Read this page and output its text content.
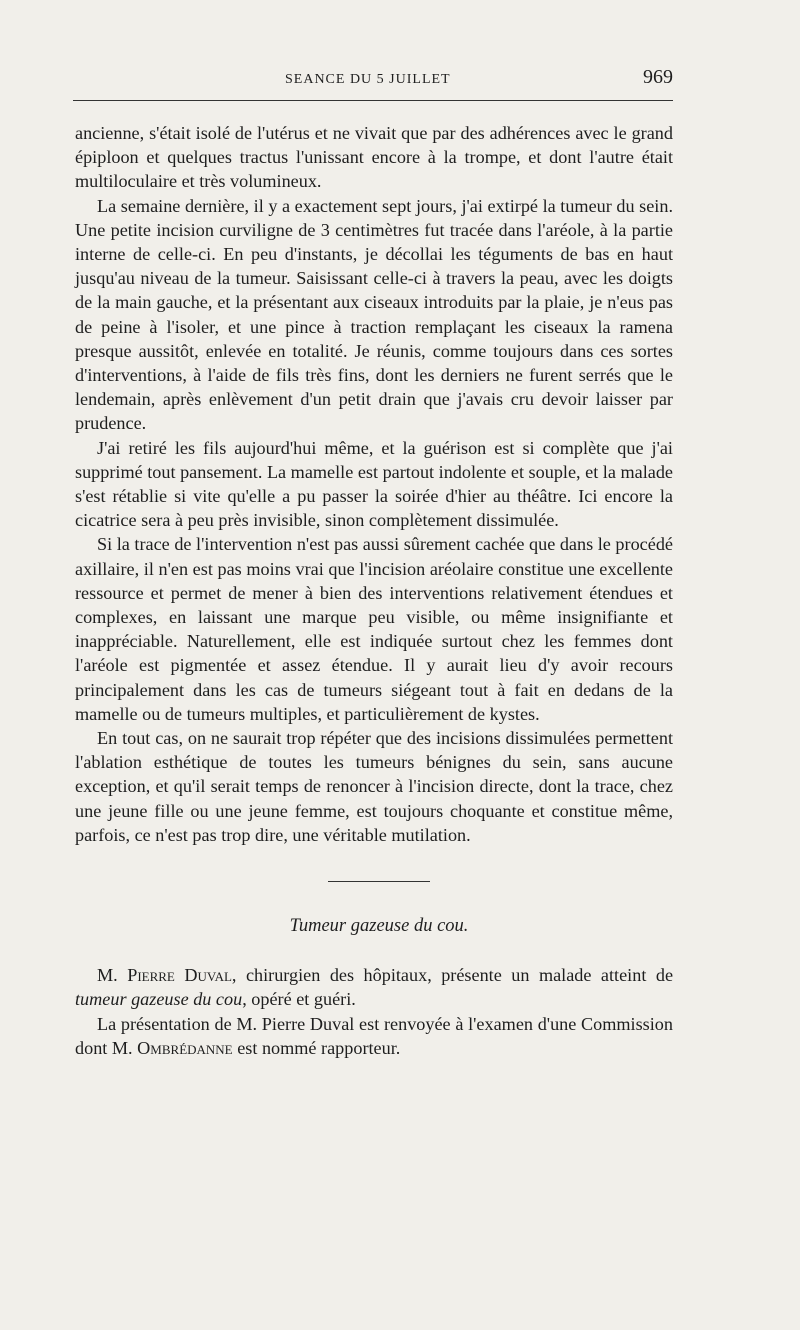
SEANCE DU 5 JUILLET	969

ancienne, s'était isolé de l'utérus et ne vivait que par des adhérences avec le grand épiploon et quelques tractus l'unissant encore à la trompe, et dont l'autre était multiloculaire et très volumineux.

La semaine dernière, il y a exactement sept jours, j'ai extirpé la tumeur du sein. Une petite incision curviligne de 3 centimètres fut tracée dans l'aréole, à la partie interne de celle-ci. En peu d'instants, je décollai les téguments de bas en haut jusqu'au niveau de la tumeur. Saisissant celle-ci à travers la peau, avec les doigts de la main gauche, et la présentant aux ciseaux introduits par la plaie, je n'eus pas de peine à l'isoler, et une pince à traction remplaçant les ciseaux la ramena presque aussitôt, enlevée en totalité. Je réunis, comme toujours dans ces sortes d'interventions, à l'aide de fils très fins, dont les derniers ne furent serrés que le lendemain, après enlèvement d'un petit drain que j'avais cru devoir laisser par prudence.

J'ai retiré les fils aujourd'hui même, et la guérison est si complète que j'ai supprimé tout pansement. La mamelle est partout indolente et souple, et la malade s'est rétablie si vite qu'elle a pu passer la soirée d'hier au théâtre. Ici encore la cicatrice sera à peu près invisible, sinon complètement dissimulée.

Si la trace de l'intervention n'est pas aussi sûrement cachée que dans le procédé axillaire, il n'en est pas moins vrai que l'incision aréolaire constitue une excellente ressource et permet de mener à bien des interventions relativement étendues et complexes, en laissant une marque peu visible, ou même insignifiante et inappréciable. Naturellement, elle est indiquée surtout chez les femmes dont l'aréole est pigmentée et assez étendue. Il y aurait lieu d'y avoir recours principalement dans les cas de tumeurs siégeant tout à fait en dedans de la mamelle ou de tumeurs multiples, et particulièrement de kystes.

En tout cas, on ne saurait trop répéter que des incisions dissimulées permettent l'ablation esthétique de toutes les tumeurs bénignes du sein, sans aucune exception, et qu'il serait temps de renoncer à l'incision directe, dont la trace, chez une jeune fille ou une jeune femme, est toujours choquante et constitue même, parfois, ce n'est pas trop dire, une véritable mutilation.

Tumeur gazeuse du cou.

M. Pierre Duval, chirurgien des hôpitaux, présente un malade atteint de tumeur gazeuse du cou, opéré et guéri.

La présentation de M. Pierre Duval est renvoyée à l'examen d'une Commission dont M. Ombrédanne est nommé rapporteur.
